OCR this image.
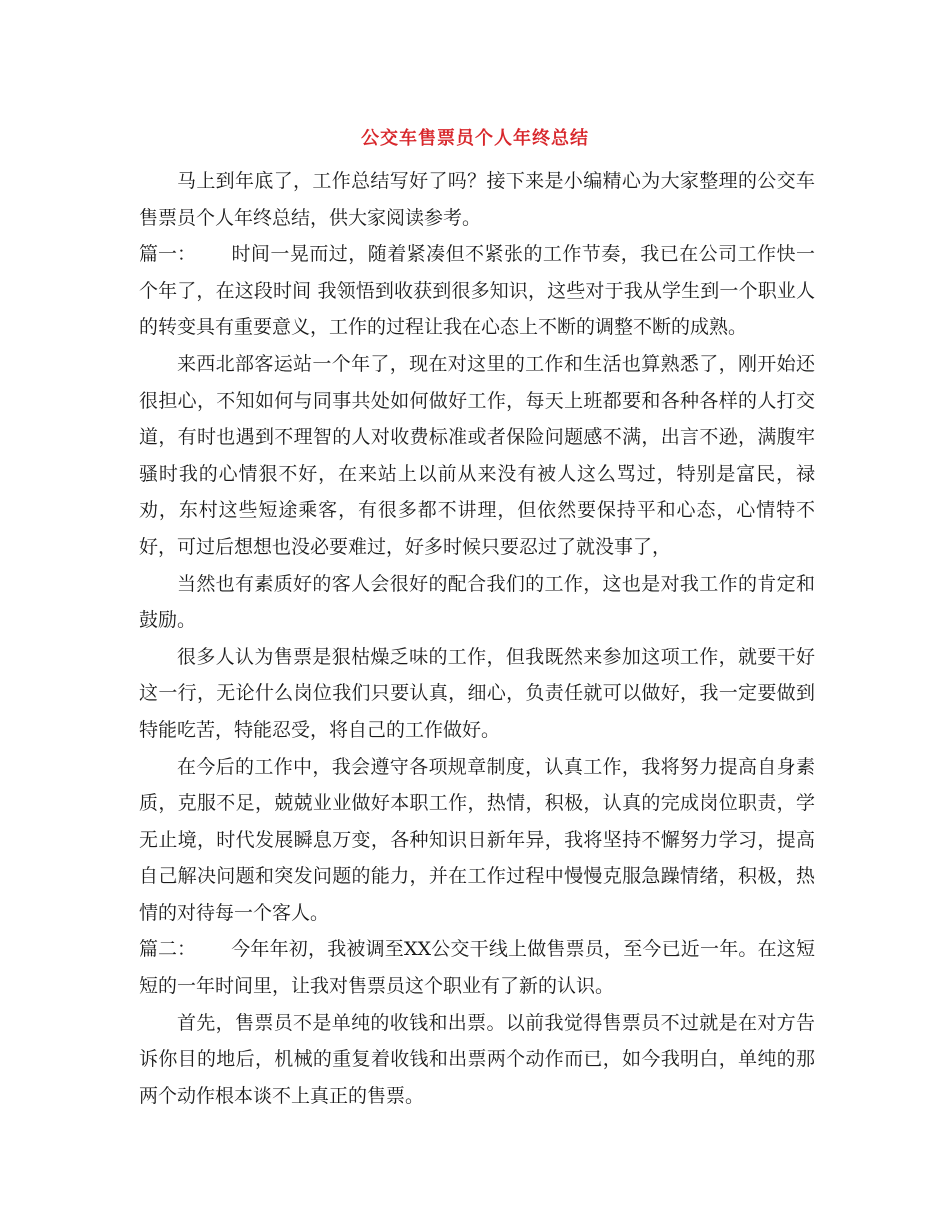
公交车售票员个人年终总结

马上到年底了，工作总结写好了吗？接下来是小编精心为大家整理的公交车售票员个人年终总结，供大家阅读参考。

篇一： 时间一晃而过，随着紧凑但不紧张的工作节奏，我已在公司工作快一个年了，在这段时间 我领悟到收获到很多知识，这些对于我从学生到一个职业人的转变具有重要意义，工作的过程让我在心态上不断的调整不断的成熟。

来西北部客运站一个年了，现在对这里的工作和生活也算熟悉了，刚开始还很担心，不知如何与同事共处如何做好工作，每天上班都要和各种各样的人打交道，有时也遇到不理智的人对收费标准或者保险问题感不满，出言不逊，满腹牢骚时我的心情狠不好，在来站上以前从来没有被人这么骂过，特别是富民，禄劝，东村这些短途乘客，有很多都不讲理，但依然要保持平和心态，心情特不好，可过后想想也没必要难过，好多时候只要忍过了就没事了，

当然也有素质好的客人会很好的配合我们的工作，这也是对我工作的肯定和鼓励。

很多人认为售票是狠枯燥乏味的工作，但我既然来参加这项工作，就要干好这一行，无论什么岗位我们只要认真，细心，负责任就可以做好，我一定要做到特能吃苦，特能忍受，将自己的工作做好。

在今后的工作中，我会遵守各项规章制度，认真工作，我将努力提高自身素质，克服不足，兢兢业业做好本职工作，热情，积极，认真的完成岗位职责，学无止境，时代发展瞬息万变，各种知识日新年异，我将坚持不懈努力学习，提高自己解决问题和突发问题的能力，并在工作过程中慢慢克服急躁情绪，积极，热情的对待每一个客人。

篇二： 今年年初，我被调至XX公交干线上做售票员，至今已近一年。在这短短的一年时间里，让我对售票员这个职业有了新的认识。

首先，售票员不是单纯的收钱和出票。以前我觉得售票员不过就是在对方告诉你目的地后，机械的重复着收钱和出票两个动作而已，如今我明白，单纯的那两个动作根本谈不上真正的售票。
